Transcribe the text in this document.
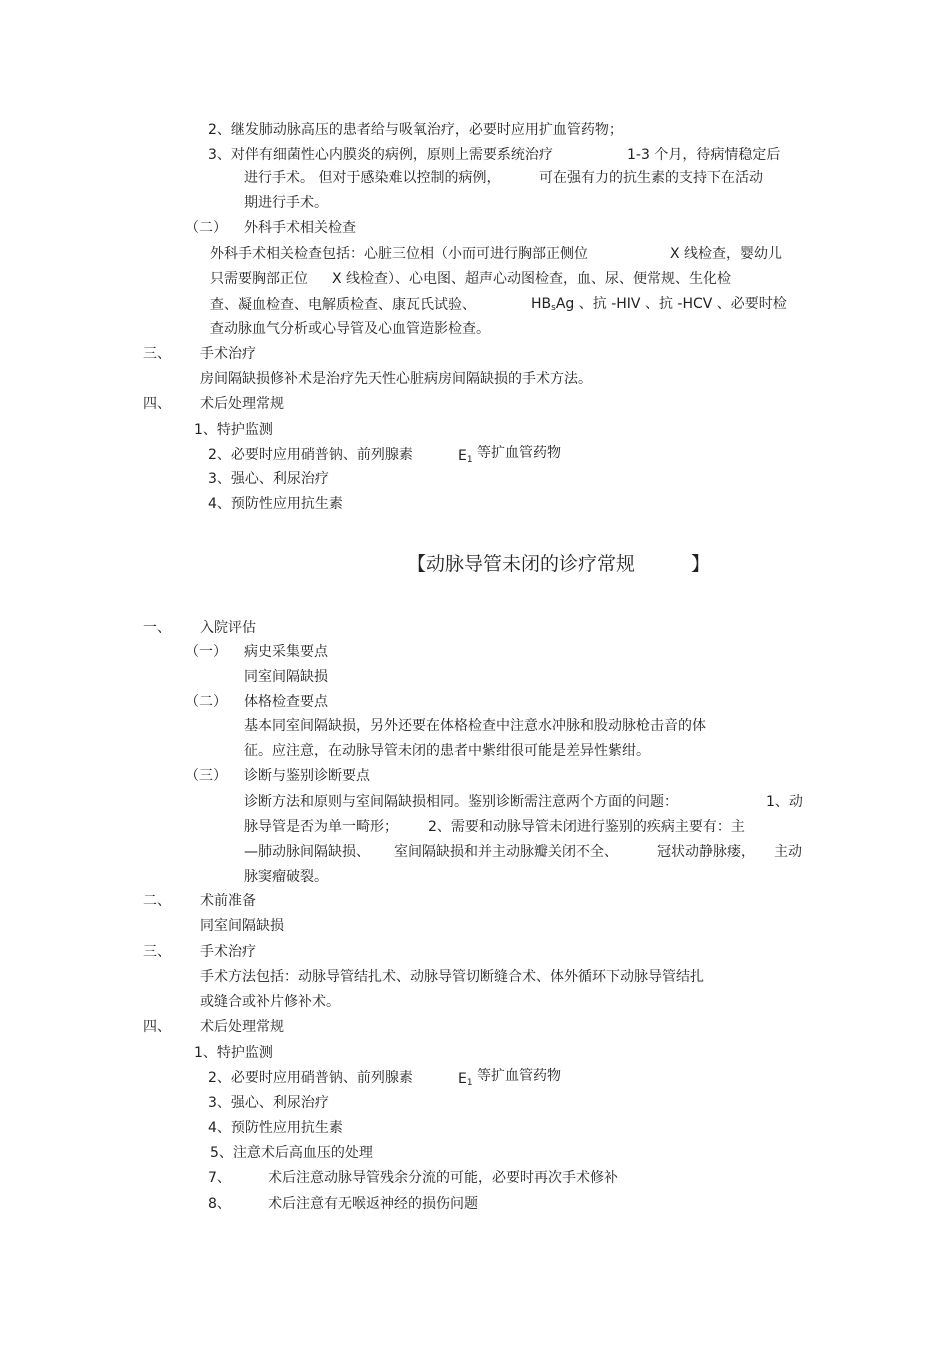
2、继发肺动脉高压的患者给与吸氧治疗，必要时应用扩血管药物；
3、对伴有细菌性心内膜炎的病例，原则上需要系统治疗	1-3 个月，待病情稳定后
进行手术。 但对于感染难以控制的病例，	可在强有力的抗生素的支持下在活动
期进行手术。
（二） 外科手术相关检查
外科手术相关检查包括：心脏三位相（小而可进行胸部正侧位	X 线检查，婴幼儿
只需要胸部正位 X 线检查）、心电图、超声心动图检查，血、尿、便常规、生化检
查、凝血检查、电解质检查、康瓦氏试验、	$HB_sAg$ 、抗 -HIV 、抗 -HCV 、必要时检
查动脉血气分析或心导管及心血管造影检查。
三、 手术治疗
房间隔缺损修补术是治疗先天性心脏病房间隔缺损的手术方法。
四、 术后处理常规
1、特护监测
2、必要时应用硝普钠、前列腺素	$E_1$ 等扩血管药物
3、强心、利尿治疗
4、预防性应用抗生素
【动脉导管未闭的诊疗常规	】
一、 入院评估
（一） 病史采集要点
同室间隔缺损
（二） 体格检查要点
基本同室间隔缺损，另外还要在体格检查中注意水冲脉和股动脉枪击音的体
征。应注意，在动脉导管未闭的患者中紫绀很可能是差异性紫绀。
（三） 诊断与鉴别诊断要点
诊断方法和原则与室间隔缺损相同。鉴别诊断需注意两个方面的问题：	1、动
脉导管是否为单一畸形； 2、需要和动脉导管未闭进行鉴别的疾病主要有：主
—肺动脉间隔缺损、 室间隔缺损和并主动脉瓣关闭不全、	冠状动静脉瘘， 主动
脉窦瘤破裂。
二、 术前准备
同室间隔缺损
三、 手术治疗
手术方法包括：动脉导管结扎术、动脉导管切断缝合术、体外循环下动脉导管结扎
或缝合或补片修补术。
四、 术后处理常规
1、特护监测
2、必要时应用硝普钠、前列腺素	$E_1$ 等扩血管药物
3、强心、利尿治疗
4、预防性应用抗生素
5、注意术后高血压的处理
7、	术后注意动脉导管残余分流的可能，必要时再次手术修补
8、	术后注意有无喉返神经的损伤问题
